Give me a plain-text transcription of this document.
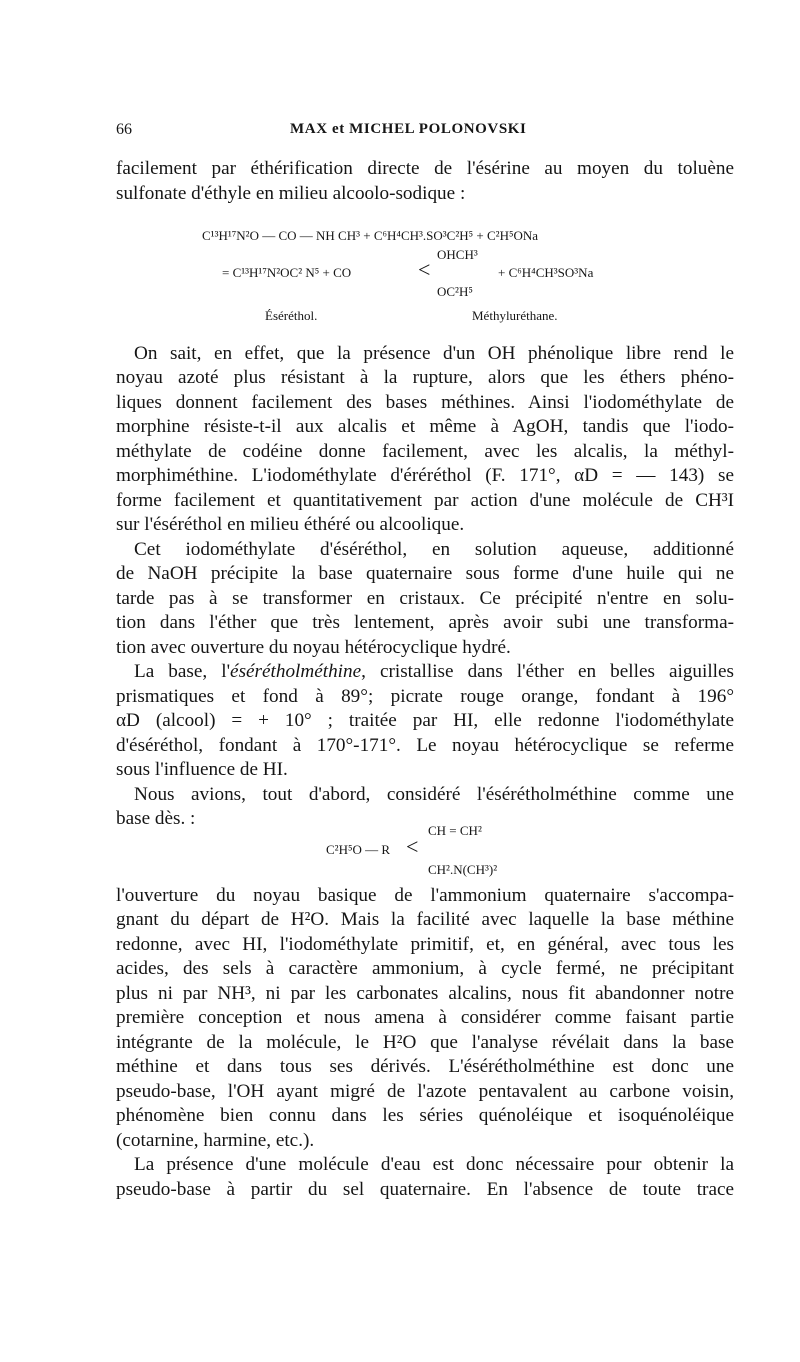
66	MAX et MICHEL POLONOVSKI
facilement par éthérification directe de l'ésérine au moyen du toluène
sulfonate d'éthyle en milieu alcoolo-sodique :
C¹³H¹⁷N²O — CO — NH CH³ + C⁶H⁴CH³.SO³C²H⁵ + C²H⁵ONa
OHCH³
= C¹³H¹⁷N²OC² N⁵ + CO	<	+ C⁶H⁴CH³SO³Na
OC²H⁵
Éséréthol.	Méthyluréthane.
On sait, en effet, que la présence d'un OH phénolique libre rend le
noyau azoté plus résistant à la rupture, alors que les éthers phéno-
liques donnent facilement des bases méthines. Ainsi l'iodométhylate de
morphine résiste-t-il aux alcalis et même à AgOH, tandis que l'iodo-
méthylate de codéine donne facilement, avec les alcalis, la méthyl-
morphiméthine. L'iodométhylate d'éréréthol (F. 171°, αD = — 143) se
forme facilement et quantitativement par action d'une molécule de CH³I
sur l'éséréthol en milieu éthéré ou alcoolique.
Cet iodométhylate d'éséréthol, en solution aqueuse, additionné
de NaOH précipite la base quaternaire sous forme d'une huile qui ne
tarde pas à se transformer en cristaux. Ce précipité n'entre en solu-
tion dans l'éther que très lentement, après avoir subi une transforma-
tion avec ouverture du noyau hétérocyclique hydré.
La base, l'ésérétholméthine, cristallise dans l'éther en belles aiguilles
prismatiques et fond à 89°; picrate rouge orange, fondant à 196°
αD (alcool) = + 10° ; traitée par HI, elle redonne l'iodométhylate
d'éséréthol, fondant à 170°-171°. Le noyau hétérocyclique se referme
sous l'influence de HI.
Nous avions, tout d'abord, considéré l'ésérétholméthine comme une
base dès. :
CH = CH²
C²H⁵O — R <
CH².N(CH³)²
l'ouverture du noyau basique de l'ammonium quaternaire s'accompa-
gnant du départ de H²O. Mais la facilité avec laquelle la base méthine
redonne, avec HI, l'iodométhylate primitif, et, en général, avec tous les
acides, des sels à caractère ammonium, à cycle fermé, ne précipitant
plus ni par NH³, ni par les carbonates alcalins, nous fit abandonner notre
première conception et nous amena à considérer comme faisant partie
intégrante de la molécule, le H²O que l'analyse révélait dans la base
méthine et dans tous ses dérivés. L'ésérétholméthine est donc une
pseudo-base, l'OH ayant migré de l'azote pentavalent au carbone voisin,
phénomène bien connu dans les séries quénoléique et isoquénoléique
(cotarnine, harmine, etc.).
La présence d'une molécule d'eau est donc nécessaire pour obtenir la
pseudo-base à partir du sel quaternaire. En l'absence de toute trace
